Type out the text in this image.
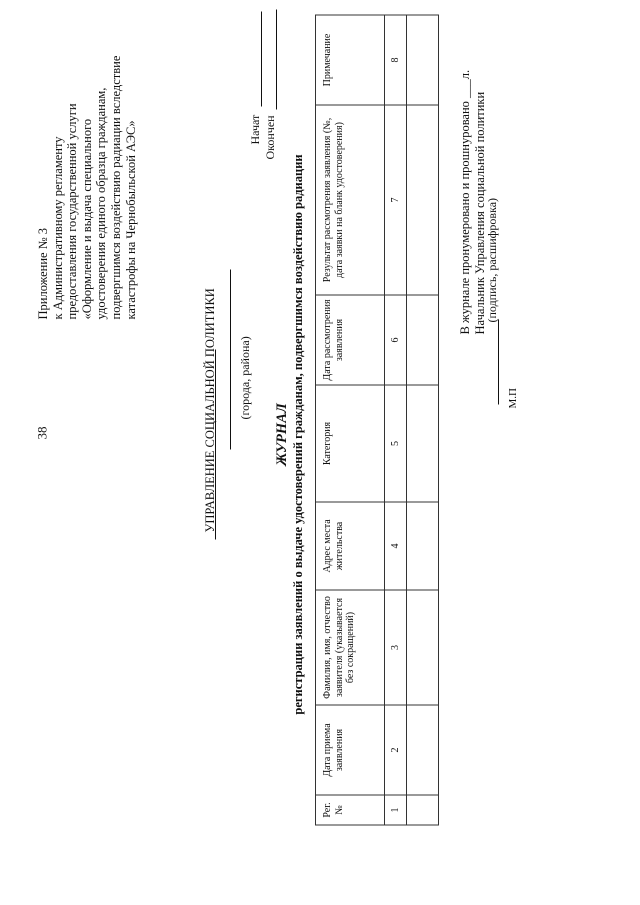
38
Приложение № 3 к Административному регламенту предоставления государственной услуги «Оформление и выдача специального удостоверения единого образца гражданам, подвергшимся воздействию радиации вследствие катастрофы на Чернобыльской АЭС»
УПРАВЛЕНИЕ СОЦИАЛЬНОЙ ПОЛИТИКИ (города, района)
Начат Окончен
ЖУРНАЛ регистрации заявлений о выдаче удостоверений гражданам, подвергшимся воздействию радиации
Рег. №	Дата приема заявления	Фамилия, имя, отчество заявителя (указывается без сокращений)	Адрес места жительства	Категория	Дата рассмотрения заявления	Результат рассмотрения заявления (№, дата заявки на бланк удостоверения)	Примечание
1	2	3	4	5	6	7	8

В журнале пронумеровано и прошнуровано ___л. Начальник Управления социальной политики
(подпись, расшифровка)
М.П
